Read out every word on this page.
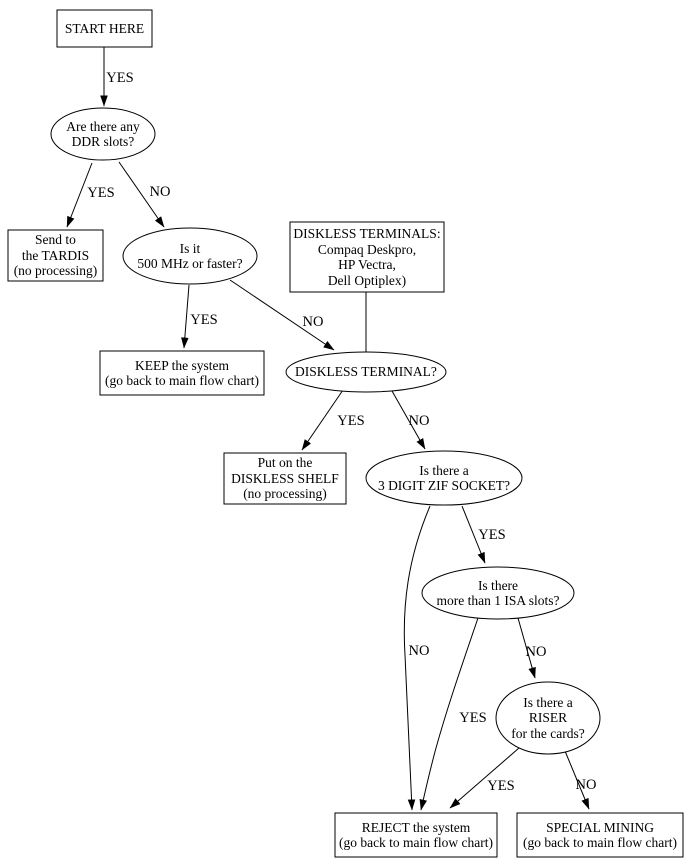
START HERE
Are there any
DDR slots?
Send to
the TARDIS
(no processing)
Is it
500 MHz or faster?
DISKLESS TERMINALS:
Compaq Deskpro,
HP Vectra,
Dell Optiplex)
KEEP the system
(go back to main flow chart)
DISKLESS TERMINAL?
Put on the
DISKLESS SHELF
(no processing)
Is there a
3 DIGIT ZIF SOCKET?
Is there
more than 1 ISA slots?
Is there a
RISER
for the cards?
REJECT the system
(go back to main flow chart)
SPECIAL MINING
(go back to main flow chart)
YES
YES NO
YES	NO
YES	NO
YES
NO
YES
NO
YES	NO
